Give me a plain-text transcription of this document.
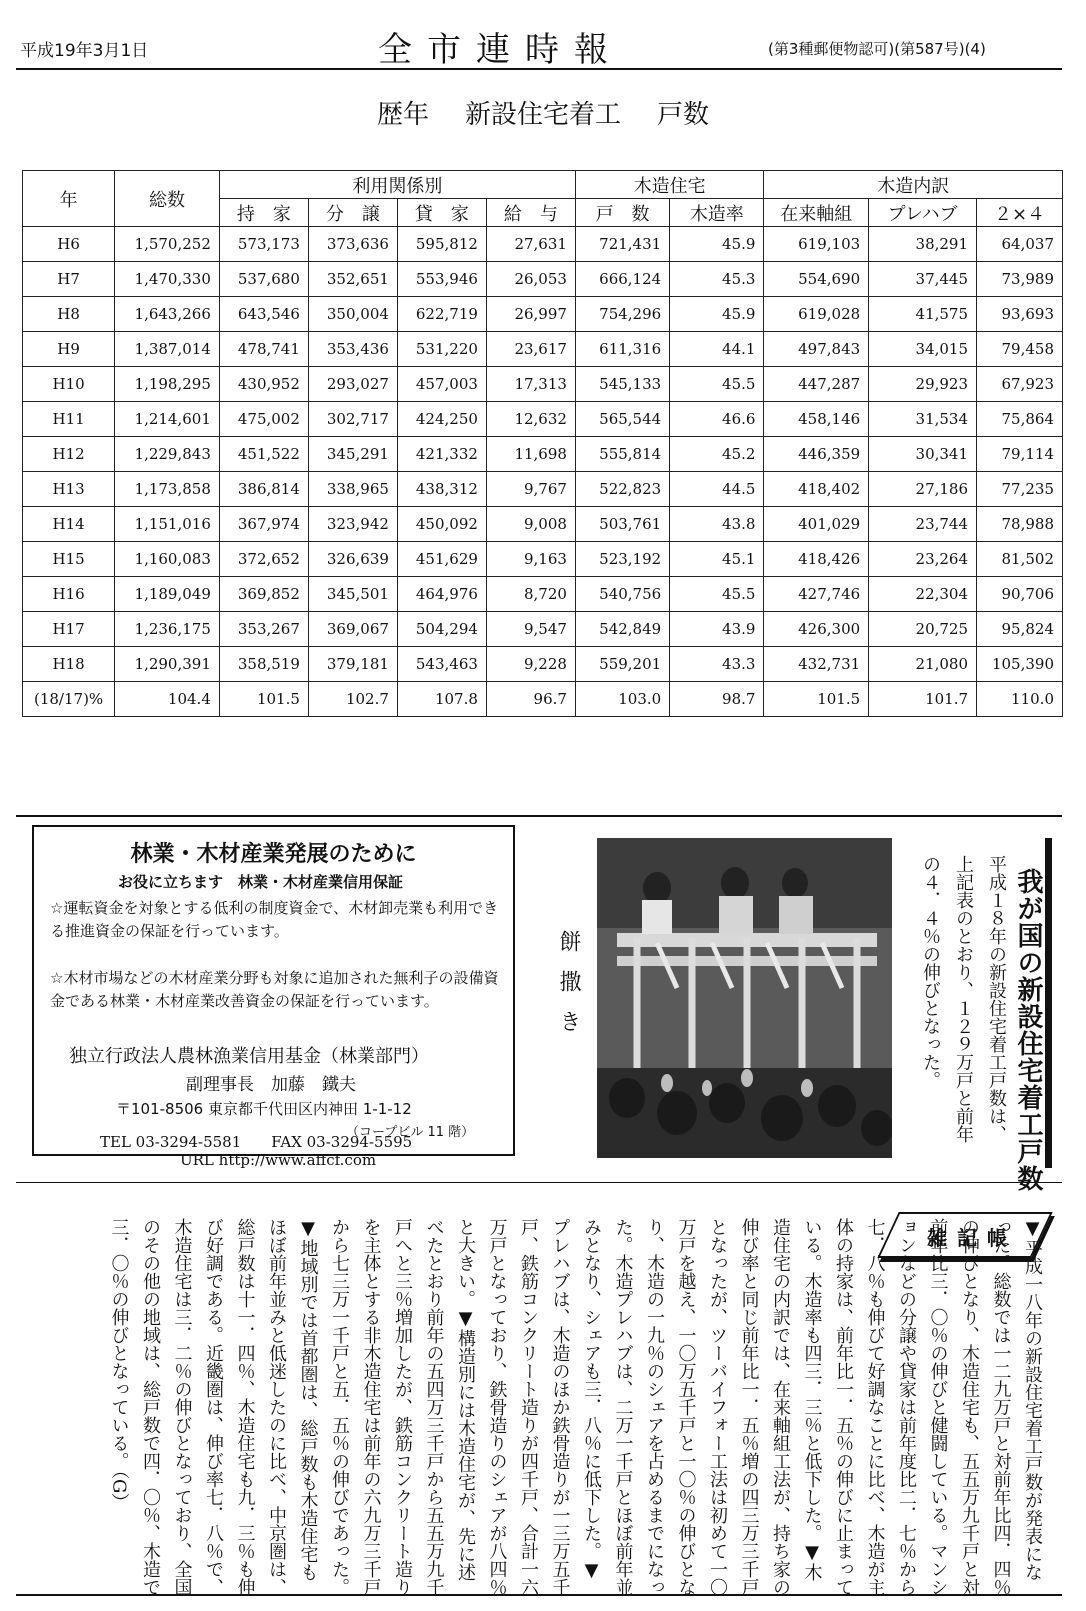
平成19年3月1日	全市連時報	(第3種郵便物認可)(第587号)(4)
歴年 新設住宅着工 戸数
年	総数	利用関係別				木造住宅		木造内訳		
		持　家	分　譲	貸　家	給　与	戸　数	木造率	在来軸組	プレハブ	２×４
H6	1,570,252	573,173	373,636	595,812	27,631	721,431	45.9	619,103	38,291	64,037
H7	1,470,330	537,680	352,651	553,946	26,053	666,124	45.3	554,690	37,445	73,989
H8	1,643,266	643,546	350,004	622,719	26,997	754,296	45.9	619,028	41,575	93,693
H9	1,387,014	478,741	353,436	531,220	23,617	611,316	44.1	497,843	34,015	79,458
H10	1,198,295	430,952	293,027	457,003	17,313	545,133	45.5	447,287	29,923	67,923
H11	1,214,601	475,002	302,717	424,250	12,632	565,544	46.6	458,146	31,534	75,864
H12	1,229,843	451,522	345,291	421,332	11,698	555,814	45.2	446,359	30,341	79,114
H13	1,173,858	386,814	338,965	438,312	9,767	522,823	44.5	418,402	27,186	77,235
H14	1,151,016	367,974	323,942	450,092	9,008	503,761	43.8	401,029	23,744	78,988
H15	1,160,083	372,652	326,639	451,629	9,163	523,192	45.1	418,426	23,264	81,502
H16	1,189,049	369,852	345,501	464,976	8,720	540,756	45.5	427,746	22,304	90,706
H17	1,236,175	353,267	369,067	504,294	9,547	542,849	43.9	426,300	20,725	95,824
H18	1,290,391	358,519	379,181	543,463	9,228	559,201	43.3	432,731	21,080	105,390
(18/17)%	104.4	101.5	102.7	107.8	96.7	103.0	98.7	101.5	101.7	110.0
林業・木材産業発展のために
お役に立ちます　林業・木材産業信用保証
☆運転資金を対象とする低利の制度資金で、木材卸売業も利用できる推進資金の保証を行っています。
☆木材市場などの木材産業分野も対象に追加された無利子の設備資金である林業・木材産業改善資金の保証を行っています。
独立行政法人農林漁業信用基金（林業部門）
副理事長　加藤　鐵夫
〒101-8506 東京都千代田区内神田 1-1-12
（コープビル 11 階）
TEL 03-3294-5581　　FAX 03-3294-5595
URL http://www.affcf.com
餅撒き	我が国の新設住宅着工戸数
平成１８年の新設住宅着工戸数は、上記表のとおり、１２９万戸と前年の４．４％の伸びとなった。
雑記帳 ▼平成一八年の新設住宅着工戸数が発表になった。総数では一二九万戸と対前年比四．四％の伸びとなり、木造住宅も、五五万九千戸と対前年比三．〇％の伸びと健闘している。マンションなどの分譲や貸家は前年度比二．七％から七．八％も伸びて好調なことに比べ、木造が主体の持家は、前年比一．五％の伸びに止まっている。木造率も四三．三％と低下した。▼木造住宅の内訳では、在来軸組工法が、持ち家の伸び率と同じ前年比一．五％増の四三万三千戸となったが、ツーバイフォー工法は初めて一〇万戸を越え、一〇万五千戸と一〇％の伸びとなり、木造の一九％のシェアを占めるまでになった。木造プレハブは、二万一千戸とほぼ前年並みとなり、シェアも三．八％に低下した。▼プレハブは、木造のほか鉄骨造りが一三万五千戸、鉄筋コンクリート造りが四千戸、合計一六万戸となっており、鉄骨造りのシェアが八四％と大きい。▼構造別には木造住宅が、先に述べたとおり前年の五四万三千戸から五五万九千戸へと三％増加したが、鉄筋コンクリート造りを主体とする非木造住宅は前年の六九万三千戸から七三万一千戸と五．五％の伸びであった。▼地域別では首都圏は、総戸数も木造住宅もほぼ前年並みと低迷したのに比べ、中京圏は、総戸数は十一．四％、木造住宅も九．三％も伸び好調である。近畿圏は、伸び率七．八％で、木造住宅は三．二％の伸びとなっており、全国のその他の地域は、総戸数で四．〇％、木造で三．〇％の伸びとなっている。（G）
